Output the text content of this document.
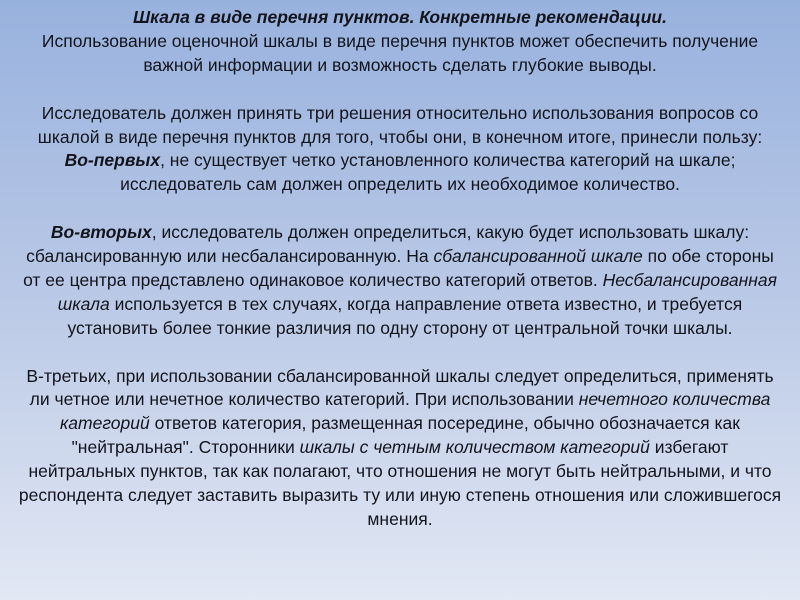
Шкала в виде перечня пунктов. Конкретные рекомендации.

Использование оценочной шкалы в виде перечня пунктов может обеспечить получение важной информации и возможность сделать глубокие выводы.

Исследователь должен принять три решения относительно использования вопросов со шкалой в виде перечня пунктов для того, чтобы они, в конечном итоге, принесли пользу:

Во-первых, не существует четко установленного количества категорий на шкале; исследователь сам должен определить их необходимое количество.

Во-вторых, исследователь должен определиться, какую будет использовать шкалу: сбалансированную или несбалансированную. На сбалансированной шкале по обе стороны от ее центра представлено одинаковое количество категорий ответов. Несбалансированная шкала используется в тех случаях, когда направление ответа известно, и требуется установить более тонкие различия по одну сторону от центральной точки шкалы.

В-третьих, при использовании сбалансированной шкалы следует определиться, применять ли четное или нечетное количество категорий. При использовании нечетного количества категорий ответов категория, размещенная посередине, обычно обозначается как "нейтральная". Сторонники шкалы с четным количеством категорий избегают нейтральных пунктов, так как полагают, что отношения не могут быть нейтральными, и что респондента следует заставить выразить ту или иную степень отношения или сложившегося мнения.
